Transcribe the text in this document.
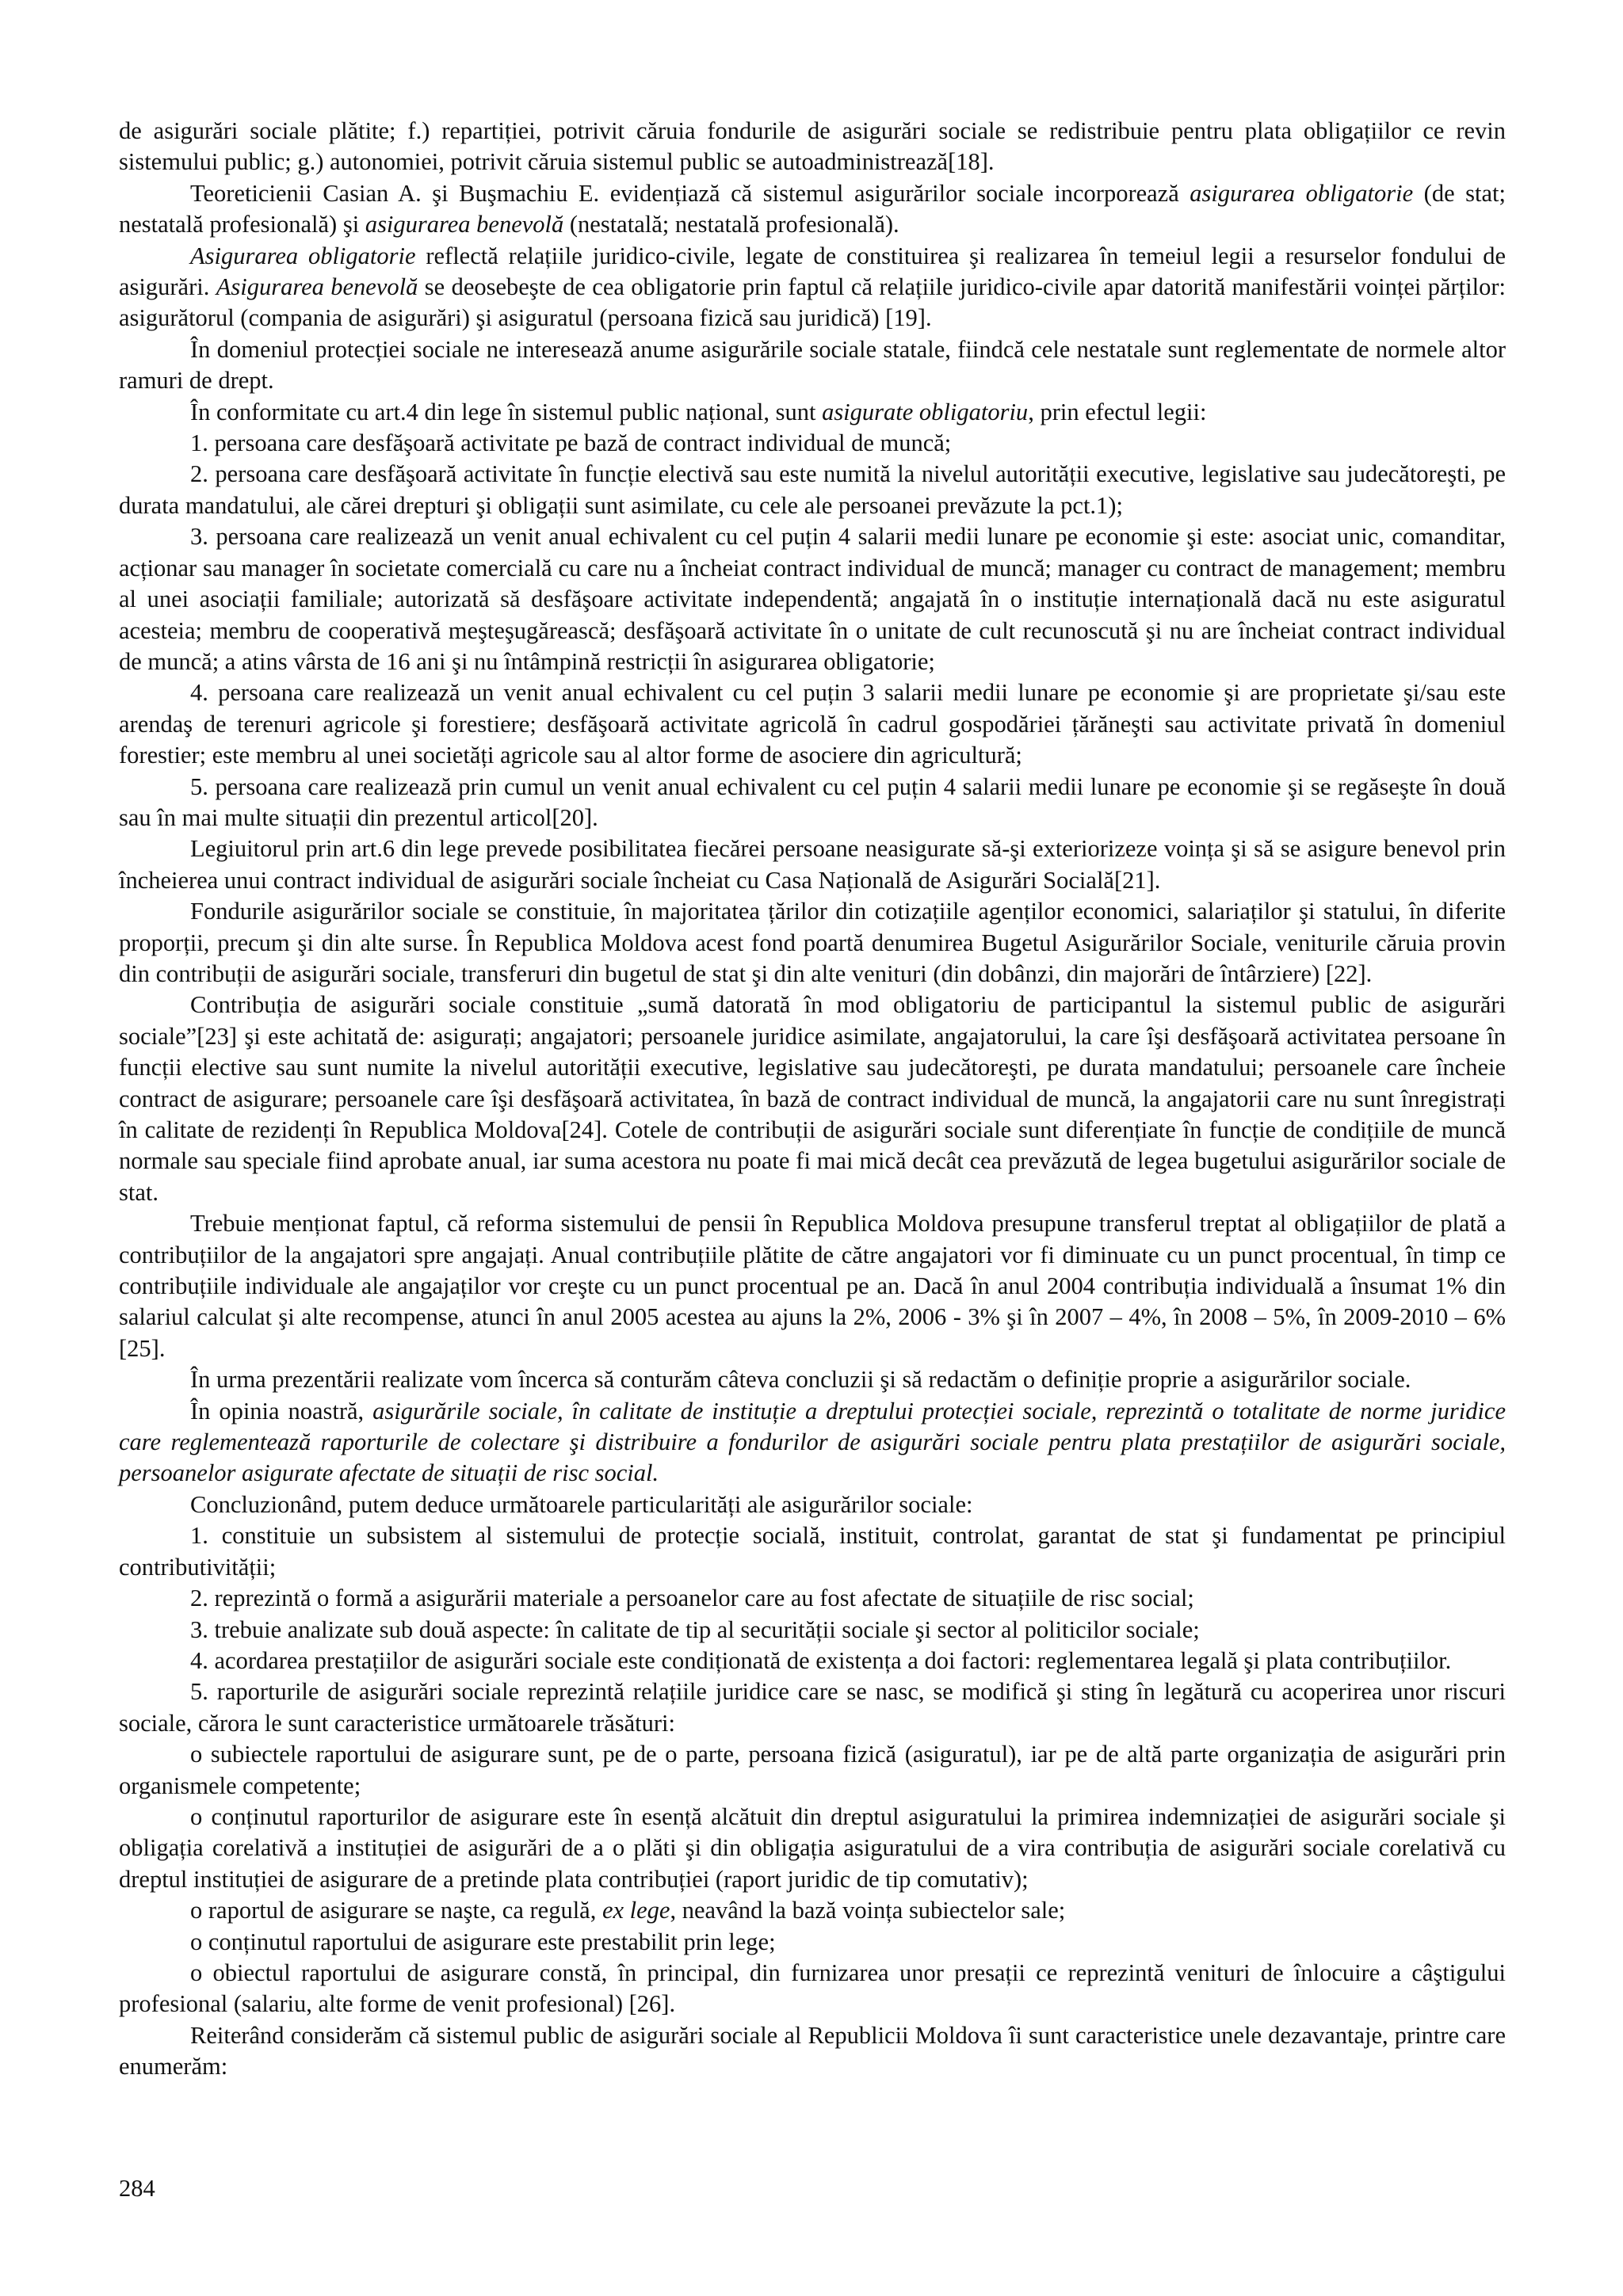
de asigurări sociale plătite; f.) repartiției, potrivit căruia fondurile de asigurări sociale se redistribuie pentru plata obligațiilor ce revin sistemului public; g.) autonomiei, potrivit căruia sistemul public se autoadministrează[18].

Teoreticienii Casian A. şi Buşmachiu E. evidențiază că sistemul asigurărilor sociale incorporează asigurarea obligatorie (de stat; nestatală profesională) şi asigurarea benevolă (nestatală; nestatală profesională).

Asigurarea obligatorie reflectă relațiile juridico-civile, legate de constituirea şi realizarea în temeiul legii a resurselor fondului de asigurări. Asigurarea benevolă se deosebeşte de cea obligatorie prin faptul că relațiile juridico-civile apar datorită manifestării voinței părților: asigurătorul (compania de asigurări) şi asiguratul (persoana fizică sau juridică) [19].

În domeniul protecției sociale ne interesează anume asigurările sociale statale, fiindcă cele nestatale sunt reglementate de normele altor ramuri de drept.

În conformitate cu art.4 din lege în sistemul public național, sunt asigurate obligatoriu, prin efectul legii:

1. persoana care desfăşoară activitate pe bază de contract individual de muncă;

2. persoana care desfăşoară activitate în funcție electivă sau este numită la nivelul autorității executive, legislative sau judecătoreşti, pe durata mandatului, ale cărei drepturi şi obligații sunt asimilate, cu cele ale persoanei prevăzute la pct.1);

3. persoana care realizează un venit anual echivalent cu cel puțin 4 salarii medii lunare pe economie şi este: asociat unic, comanditar, acționar sau manager în societate comercială cu care nu a încheiat contract individual de muncă; manager cu contract de management; membru al unei asociații familiale; autorizată să desfăşoare activitate independentă; angajată în o instituție internațională dacă nu este asiguratul acesteia; membru de cooperativă meşteşugărească; desfăşoară activitate în o unitate de cult recunoscută şi nu are încheiat contract individual de muncă; a atins vârsta de 16 ani şi nu întâmpină restricții în asigurarea obligatorie;

4. persoana care realizează un venit anual echivalent cu cel puțin 3 salarii medii lunare pe economie şi are proprietate şi/sau este arendaş de terenuri agricole şi forestiere; desfăşoară activitate agricolă în cadrul gospodăriei țărăneşti sau activitate privată în domeniul forestier; este membru al unei societăți agricole sau al altor forme de asociere din agricultură;

5. persoana care realizează prin cumul un venit anual echivalent cu cel puțin 4 salarii medii lunare pe economie şi se regăseşte în două sau în mai multe situații din prezentul articol[20].

Legiuitorul prin art.6 din lege prevede posibilitatea fiecărei persoane neasigurate să-şi exteriorizeze voința şi să se asigure benevol prin încheierea unui contract individual de asigurări sociale încheiat cu Casa Națională de Asigurări Socială[21].

Fondurile asigurărilor sociale se constituie, în majoritatea țărilor din cotizațiile agenților economici, salariaților şi statului, în diferite proporții, precum şi din alte surse. În Republica Moldova acest fond poartă denumirea Bugetul Asigurărilor Sociale, veniturile căruia provin din contribuții de asigurări sociale, transferuri din bugetul de stat şi din alte venituri (din dobânzi, din majorări de întârziere) [22].

Contribuția de asigurări sociale constituie „sumă datorată în mod obligatoriu de participantul la sistemul public de asigurări sociale”[23] şi este achitată de: asigurați; angajatori; persoanele juridice asimilate, angajatorului, la care îşi desfăşoară activitatea persoane în funcții elective sau sunt numite la nivelul autorității executive, legislative sau judecătoreşti, pe durata mandatului; persoanele care încheie contract de asigurare; persoanele care îşi desfăşoară activitatea, în bază de contract individual de muncă, la angajatorii care nu sunt înregistrați în calitate de rezidenți în Republica Moldova[24]. Cotele de contribuții de asigurări sociale sunt diferențiate în funcție de condițiile de muncă normale sau speciale fiind aprobate anual, iar suma acestora nu poate fi mai mică decât cea prevăzută de legea bugetului asigurărilor sociale de stat.

Trebuie menționat faptul, că reforma sistemului de pensii în Republica Moldova presupune transferul treptat al obligațiilor de plată a contribuțiilor de la angajatori spre angajați. Anual contribuțiile plătite de către angajatori vor fi diminuate cu un punct procentual, în timp ce contribuțiile individuale ale angajaților vor creşte cu un punct procentual pe an. Dacă în anul 2004 contribuția individuală a însumat 1% din salariul calculat şi alte recompense, atunci în anul 2005 acestea au ajuns la 2%, 2006 - 3% şi în 2007 – 4%, în 2008 – 5%, în 2009-2010 – 6%[25].

În urma prezentării realizate vom încerca să conturăm câteva concluzii şi să redactăm o definiție proprie a asigurărilor sociale.

În opinia noastră, asigurările sociale, în calitate de instituție a dreptului protecției sociale, reprezintă o totalitate de norme juridice care reglementează raporturile de colectare şi distribuire a fondurilor de asigurări sociale pentru plata prestațiilor de asigurări sociale, persoanelor asigurate afectate de situații de risc social.

Concluzionând, putem deduce următoarele particularități ale asigurărilor sociale:

1. constituie un subsistem al sistemului de protecție socială, instituit, controlat, garantat de stat şi fundamentat pe principiul contributivității;

2. reprezintă o formă a asigurării materiale a persoanelor care au fost afectate de situațiile de risc social;

3. trebuie analizate sub două aspecte: în calitate de tip al securității sociale şi sector al politicilor sociale;

4. acordarea prestațiilor de asigurări sociale este condiționată de existența a doi factori: reglementarea legală şi plata contribuțiilor.

5. raporturile de asigurări sociale reprezintă relațiile juridice care se nasc, se modifică şi sting în legătură cu acoperirea unor riscuri sociale, cărora le sunt caracteristice următoarele trăsături:

o subiectele raportului de asigurare sunt, pe de o parte, persoana fizică (asiguratul), iar pe de altă parte organizația de asigurări prin organismele competente;

o conținutul raporturilor de asigurare este în esență alcătuit din dreptul asiguratului la primirea indemnizației de asigurări sociale şi obligația corelativă a instituției de asigurări de a o plăti şi din obligația asiguratului de a vira contribuția de asigurări sociale corelativă cu dreptul instituției de asigurare de a pretinde plata contribuției (raport juridic de tip comutativ);

o raportul de asigurare se naşte, ca regulă, ex lege, neavând la bază voința subiectelor sale;

o conținutul raportului de asigurare este prestabilit prin lege;

o obiectul raportului de asigurare constă, în principal, din furnizarea unor presații ce reprezintă venituri de înlocuire a câştigului profesional (salariu, alte forme de venit profesional) [26].

Reiterând considerăm că sistemul public de asigurări sociale al Republicii Moldova îi sunt caracteristice unele dezavantaje, printre care enumerăm:

284
